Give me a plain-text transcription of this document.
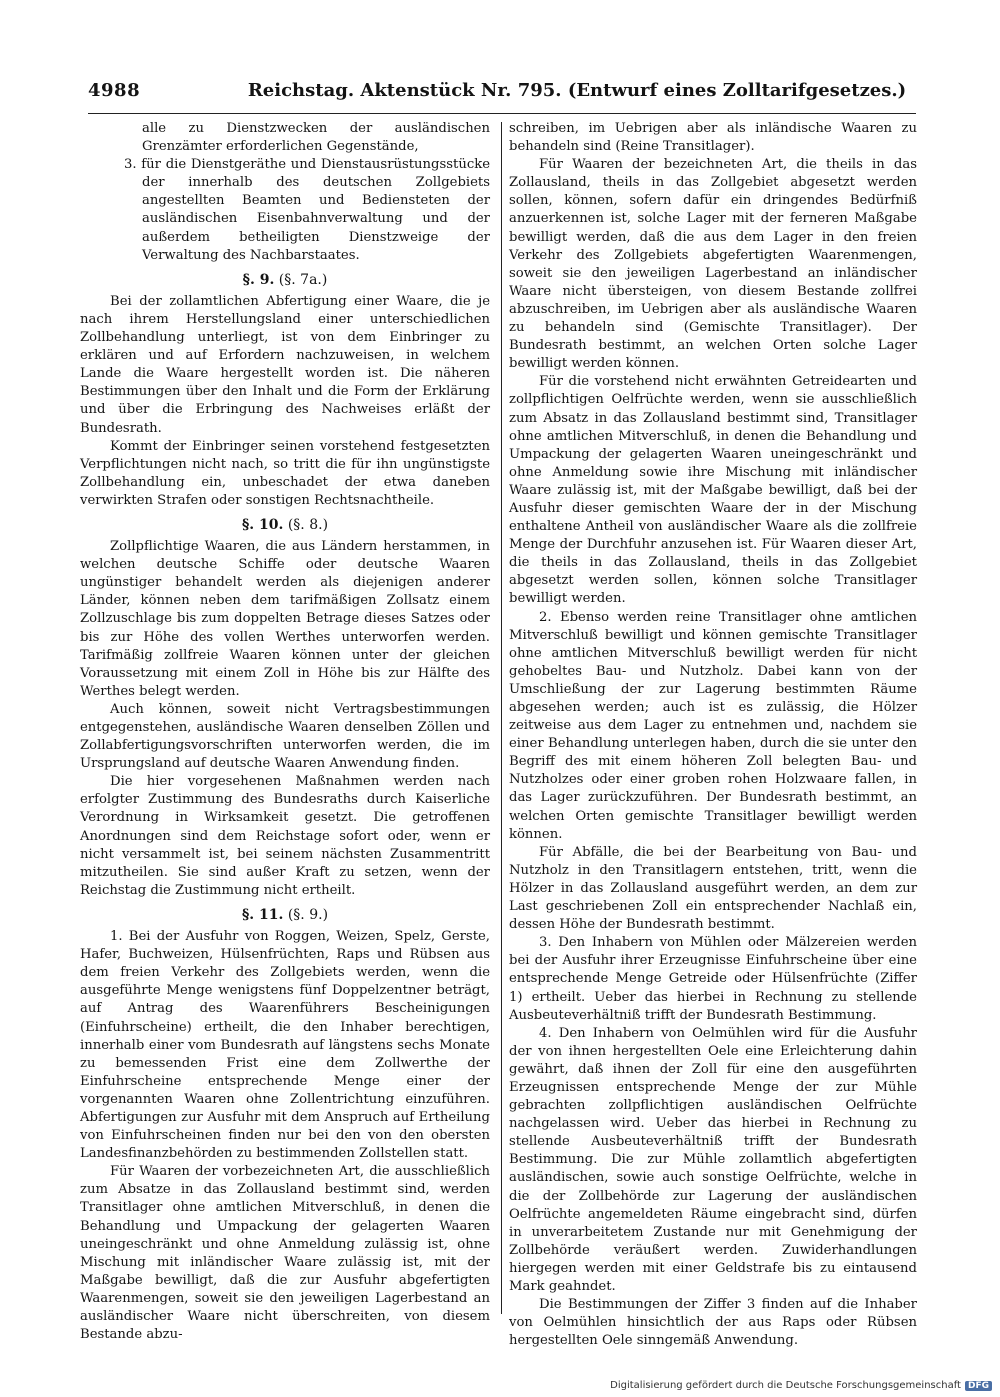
4988	Reichstag. Aktenstück Nr. 795. (Entwurf eines Zolltarifgesetzes.)

alle zu Dienstzwecken der ausländischen Grenzämter erforderlichen Gegenstände,

3. für die Dienstgeräthe und Dienstausrüstungsstücke der innerhalb des deutschen Zollgebiets angestellten Beamten und Bediensteten der ausländischen Eisenbahnverwaltung und der außerdem betheiligten Dienstzweige der Verwaltung des Nachbarstaates.

§. 9. (§. 7a.)

Bei der zollamtlichen Abfertigung einer Waare, die je nach ihrem Herstellungsland einer unterschiedlichen Zollbehandlung unterliegt, ist von dem Einbringer zu erklären und auf Erfordern nachzuweisen, in welchem Lande die Waare hergestellt worden ist. Die näheren Bestimmungen über den Inhalt und die Form der Erklärung und über die Erbringung des Nachweises erläßt der Bundesrath.

Kommt der Einbringer seinen vorstehend festgesetzten Verpflichtungen nicht nach, so tritt die für ihn ungünstigste Zollbehandlung ein, unbeschadet der etwa daneben verwirkten Strafen oder sonstigen Rechtsnachtheile.

§. 10. (§. 8.)

Zollpflichtige Waaren, die aus Ländern herstammen, in welchen deutsche Schiffe oder deutsche Waaren ungünstiger behandelt werden als diejenigen anderer Länder, können neben dem tarifmäßigen Zollsatz einem Zollzuschlage bis zum doppelten Betrage dieses Satzes oder bis zur Höhe des vollen Werthes unterworfen werden. Tarifmäßig zollfreie Waaren können unter der gleichen Voraussetzung mit einem Zoll in Höhe bis zur Hälfte des Werthes belegt werden.

Auch können, soweit nicht Vertragsbestimmungen entgegenstehen, ausländische Waaren denselben Zöllen und Zollabfertigungsvorschriften unterworfen werden, die im Ursprungsland auf deutsche Waaren Anwendung finden.

Die hier vorgesehenen Maßnahmen werden nach erfolgter Zustimmung des Bundesraths durch Kaiserliche Verordnung in Wirksamkeit gesetzt. Die getroffenen Anordnungen sind dem Reichstage sofort oder, wenn er nicht versammelt ist, bei seinem nächsten Zusammentritt mitzutheilen. Sie sind außer Kraft zu setzen, wenn der Reichstag die Zustimmung nicht ertheilt.

§. 11. (§. 9.)

1. Bei der Ausfuhr von Roggen, Weizen, Spelz, Gerste, Hafer, Buchweizen, Hülsenfrüchten, Raps und Rübsen aus dem freien Verkehr des Zollgebiets werden, wenn die ausgeführte Menge wenigstens fünf Doppelzentner beträgt, auf Antrag des Waarenführers Bescheinigungen (Einfuhrscheine) ertheilt, die den Inhaber berechtigen, innerhalb einer vom Bundesrath auf längstens sechs Monate zu bemessenden Frist eine dem Zollwerthe der Einfuhrscheine entsprechende Menge einer der vorgenannten Waaren ohne Zollentrichtung einzuführen. Abfertigungen zur Ausfuhr mit dem Anspruch auf Ertheilung von Einfuhrscheinen finden nur bei den von den obersten Landesfinanzbehörden zu bestimmenden Zollstellen statt.

Für Waaren der vorbezeichneten Art, die ausschließlich zum Absatze in das Zollausland bestimmt sind, werden Transitlager ohne amtlichen Mitverschluß, in denen die Behandlung und Umpackung der gelagerten Waaren uneingeschränkt und ohne Anmeldung zulässig ist, ohne Mischung mit inländischer Waare zulässig ist, mit der Maßgabe bewilligt, daß die zur Ausfuhr abgefertigten Waarenmengen, soweit sie den jeweiligen Lagerbestand an ausländischer Waare nicht überschreiten, von diesem Bestande abzu-

schreiben, im Uebrigen aber als inländische Waaren zu behandeln sind (Reine Transitlager).

Für Waaren der bezeichneten Art, die theils in das Zollausland, theils in das Zollgebiet abgesetzt werden sollen, können, sofern dafür ein dringendes Bedürfniß anzuerkennen ist, solche Lager mit der ferneren Maßgabe bewilligt werden, daß die aus dem Lager in den freien Verkehr des Zollgebiets abgefertigten Waarenmengen, soweit sie den jeweiligen Lagerbestand an inländischer Waare nicht übersteigen, von diesem Bestande zollfrei abzuschreiben, im Uebrigen aber als ausländische Waaren zu behandeln sind (Gemischte Transitlager). Der Bundesrath bestimmt, an welchen Orten solche Lager bewilligt werden können.

Für die vorstehend nicht erwähnten Getreidearten und zollpflichtigen Oelfrüchte werden, wenn sie ausschließlich zum Absatz in das Zollausland bestimmt sind, Transitlager ohne amtlichen Mitverschluß, in denen die Behandlung und Umpackung der gelagerten Waaren uneingeschränkt und ohne Anmeldung sowie ihre Mischung mit inländischer Waare zulässig ist, mit der Maßgabe bewilligt, daß bei der Ausfuhr dieser gemischten Waare der in der Mischung enthaltene Antheil von ausländischer Waare als die zollfreie Menge der Durchfuhr anzusehen ist. Für Waaren dieser Art, die theils in das Zollausland, theils in das Zollgebiet abgesetzt werden sollen, können solche Transitlager bewilligt werden.

2. Ebenso werden reine Transitlager ohne amtlichen Mitverschluß bewilligt und können gemischte Transitlager ohne amtlichen Mitverschluß bewilligt werden für nicht gehobeltes Bau- und Nutzholz. Dabei kann von der Umschließung der zur Lagerung bestimmten Räume abgesehen werden; auch ist es zulässig, die Hölzer zeitweise aus dem Lager zu entnehmen und, nachdem sie einer Behandlung unterlegen haben, durch die sie unter den Begriff des mit einem höheren Zoll belegten Bau- und Nutzholzes oder einer groben rohen Holzwaare fallen, in das Lager zurückzuführen. Der Bundesrath bestimmt, an welchen Orten gemischte Transitlager bewilligt werden können.

Für Abfälle, die bei der Bearbeitung von Bau- und Nutzholz in den Transitlagern entstehen, tritt, wenn die Hölzer in das Zollausland ausgeführt werden, an dem zur Last geschriebenen Zoll ein entsprechender Nachlaß ein, dessen Höhe der Bundesrath bestimmt.

3. Den Inhabern von Mühlen oder Mälzereien werden bei der Ausfuhr ihrer Erzeugnisse Einfuhrscheine über eine entsprechende Menge Getreide oder Hülsenfrüchte (Ziffer 1) ertheilt. Ueber das hierbei in Rechnung zu stellende Ausbeuteverhältniß trifft der Bundesrath Bestimmung.

4. Den Inhabern von Oelmühlen wird für die Ausfuhr der von ihnen hergestellten Oele eine Erleichterung dahin gewährt, daß ihnen der Zoll für eine den ausgeführten Erzeugnissen entsprechende Menge der zur Mühle gebrachten zollpflichtigen ausländischen Oelfrüchte nachgelassen wird. Ueber das hierbei in Rechnung zu stellende Ausbeuteverhältniß trifft der Bundesrath Bestimmung. Die zur Mühle zollamtlich abgefertigten ausländischen, sowie auch sonstige Oelfrüchte, welche in die der Zollbehörde zur Lagerung der ausländischen Oelfrüchte angemeldeten Räume eingebracht sind, dürfen in unverarbeitetem Zustande nur mit Genehmigung der Zollbehörde veräußert werden. Zuwiderhandlungen hiergegen werden mit einer Geldstrafe bis zu eintausend Mark geahndet.

Die Bestimmungen der Ziffer 3 finden auf die Inhaber von Oelmühlen hinsichtlich der aus Raps oder Rübsen hergestellten Oele sinngemäß Anwendung.

Digitalisierung gefördert durch die Deutsche Forschungsgemeinschaft DFG
